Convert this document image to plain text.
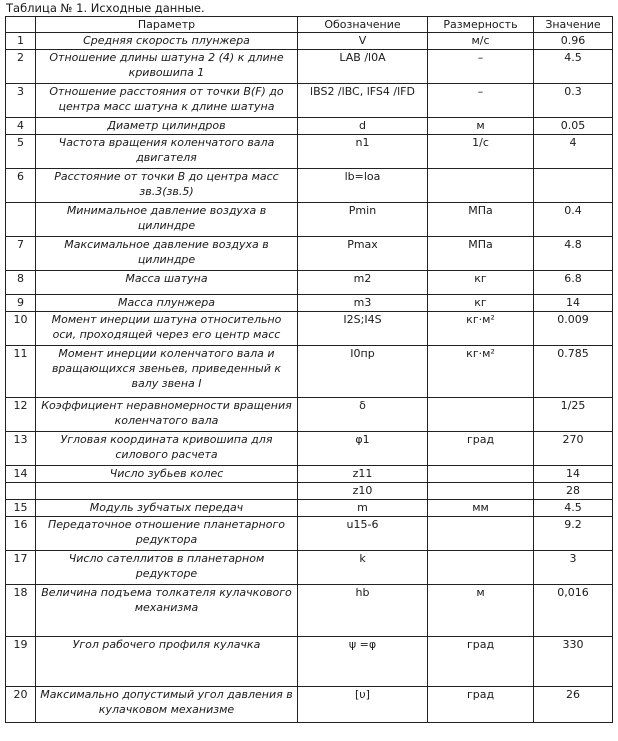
Таблица № 1. Исходные данные.
	Параметр	Обозначение	Размерность	Значение
1	Средняя скорость плунжера	V	м/с	0.96
2	Отношение длины шатуна 2 (4) к длине кривошипа 1	LAB /l0A	–	4.5
3	Отношение расстояния от точки B(F) до центра масс шатуна к длине шатуна	lBS2 /lBC, lFS4 /lFD	–	0.3
4	Диаметр цилиндров	d	м	0.05
5	Частота вращения коленчатого вала двигателя	n1	1/c	4
6	Расстояние от точки B до центра масс зв.3(зв.5)	lb=loa		
	Минимальное давление воздуха в цилиндре	Pmin	МПа	0.4
7	Максимальное давление воздуха в цилиндре	Pmax	МПа	4.8
8	Масса шатуна	m2	кг	6.8
9	Масса плунжера	m3	кг	14
10	Момент инерции шатуна относительно оси, проходящей через его центр масс	I2S;I4S	кг·м²	0.009
11	Момент инерции коленчатого вала и вращающихся звеньев, приведенный к валу звена I	I0пр	кг·м²	0.785
12	Коэффициент неравномерности вращения коленчатого вала	δ		1/25
13	Угловая координата кривошипа для силового расчета	φ1	град	270
14	Число зубьев колес	z11		14
		z10		28
15	Модуль зубчатых передач	m	мм	4.5
16	Передаточное отношение планетарного редуктора	u15-6		9.2
17	Число сателлитов в планетарном редукторе	k		3
18	Величина подъема толкателя кулачкового механизма	hb	м	0,016
19	Угол рабочего профиля кулачка	ψ =φ	град	330
20	Максимально допустимый угол давления в кулачковом механизме	[υ]	град	26
